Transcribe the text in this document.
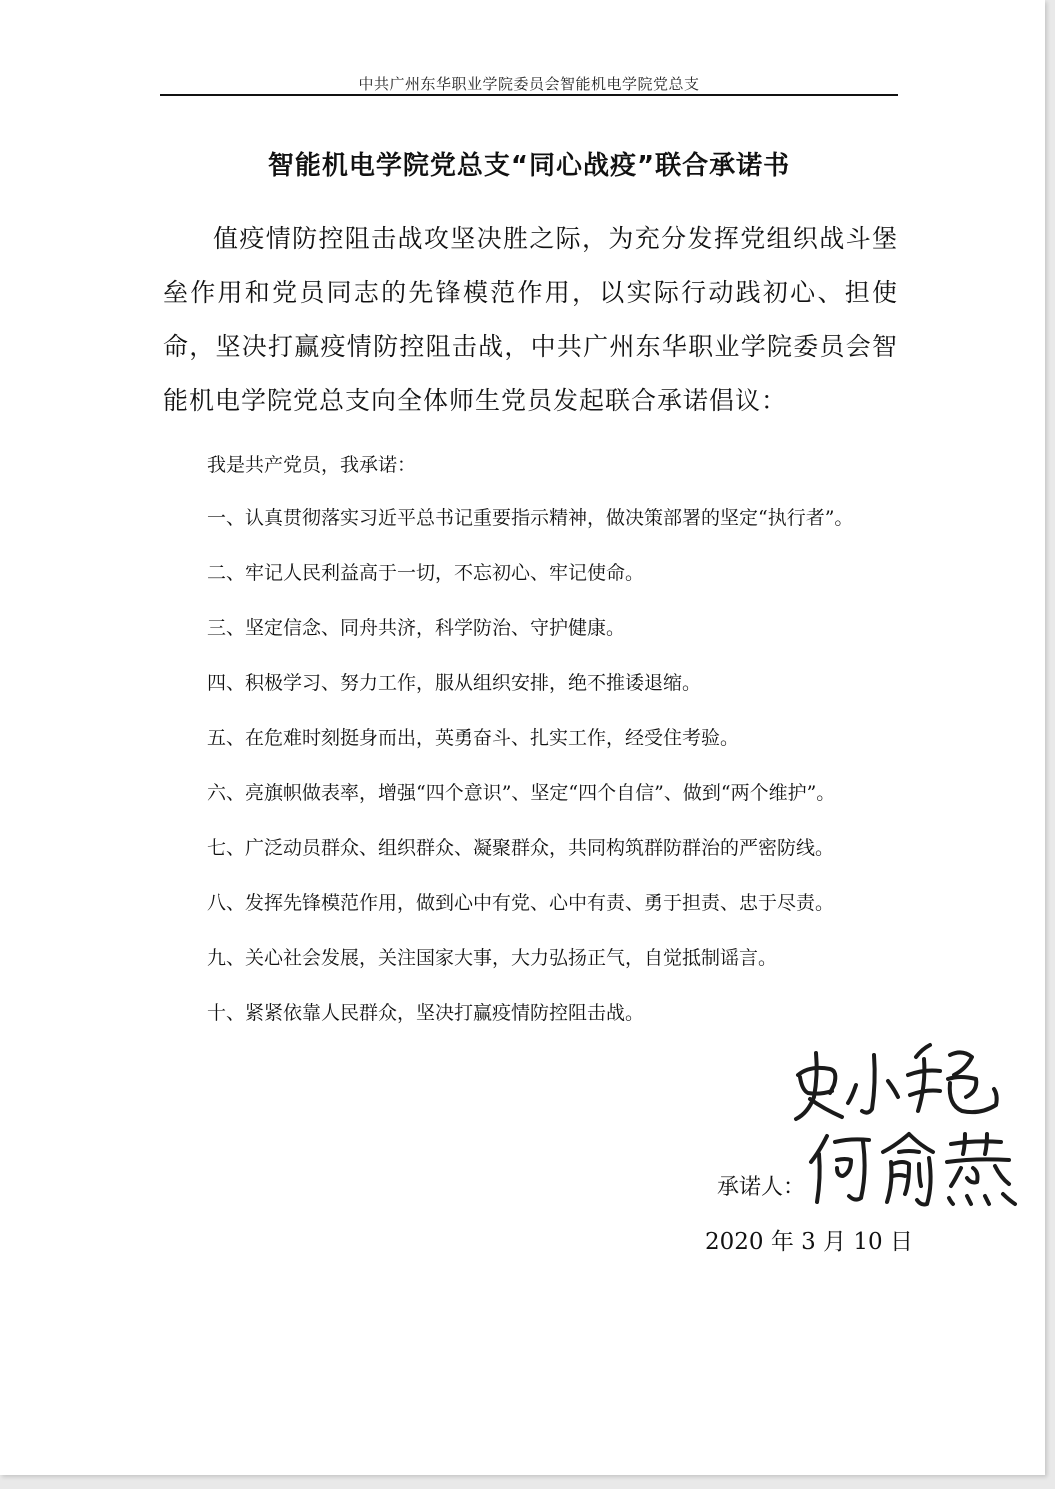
中共广州东华职业学院委员会智能机电学院党总支
智能机电学院党总支“同心战疫”联合承诺书

值疫情防控阻击战攻坚决胜之际，为充分发挥党组织战斗堡垒作用和党员同志的先锋模范作用，以实际行动践初心、担使命，坚决打赢疫情防控阻击战，中共广州东华职业学院委员会智能机电学院党总支向全体师生党员发起联合承诺倡议：

我是共产党员，我承诺：
一、认真贯彻落实习近平总书记重要指示精神，做决策部署的坚定“执行者”。
二、牢记人民利益高于一切，不忘初心、牢记使命。
三、坚定信念、同舟共济，科学防治、守护健康。
四、积极学习、努力工作，服从组织安排，绝不推诿退缩。
五、在危难时刻挺身而出，英勇奋斗、扎实工作，经受住考验。
六、亮旗帜做表率，增强“四个意识”、坚定“四个自信”、做到“两个维护”。
七、广泛动员群众、组织群众、凝聚群众，共同构筑群防群治的严密防线。
八、发挥先锋模范作用，做到心中有党、心中有责、勇于担责、忠于尽责。
九、关心社会发展，关注国家大事，大力弘扬正气，自觉抵制谣言。
十、紧紧依靠人民群众，坚决打赢疫情防控阻击战。
承诺人：
2020 年 3 月 10 日
